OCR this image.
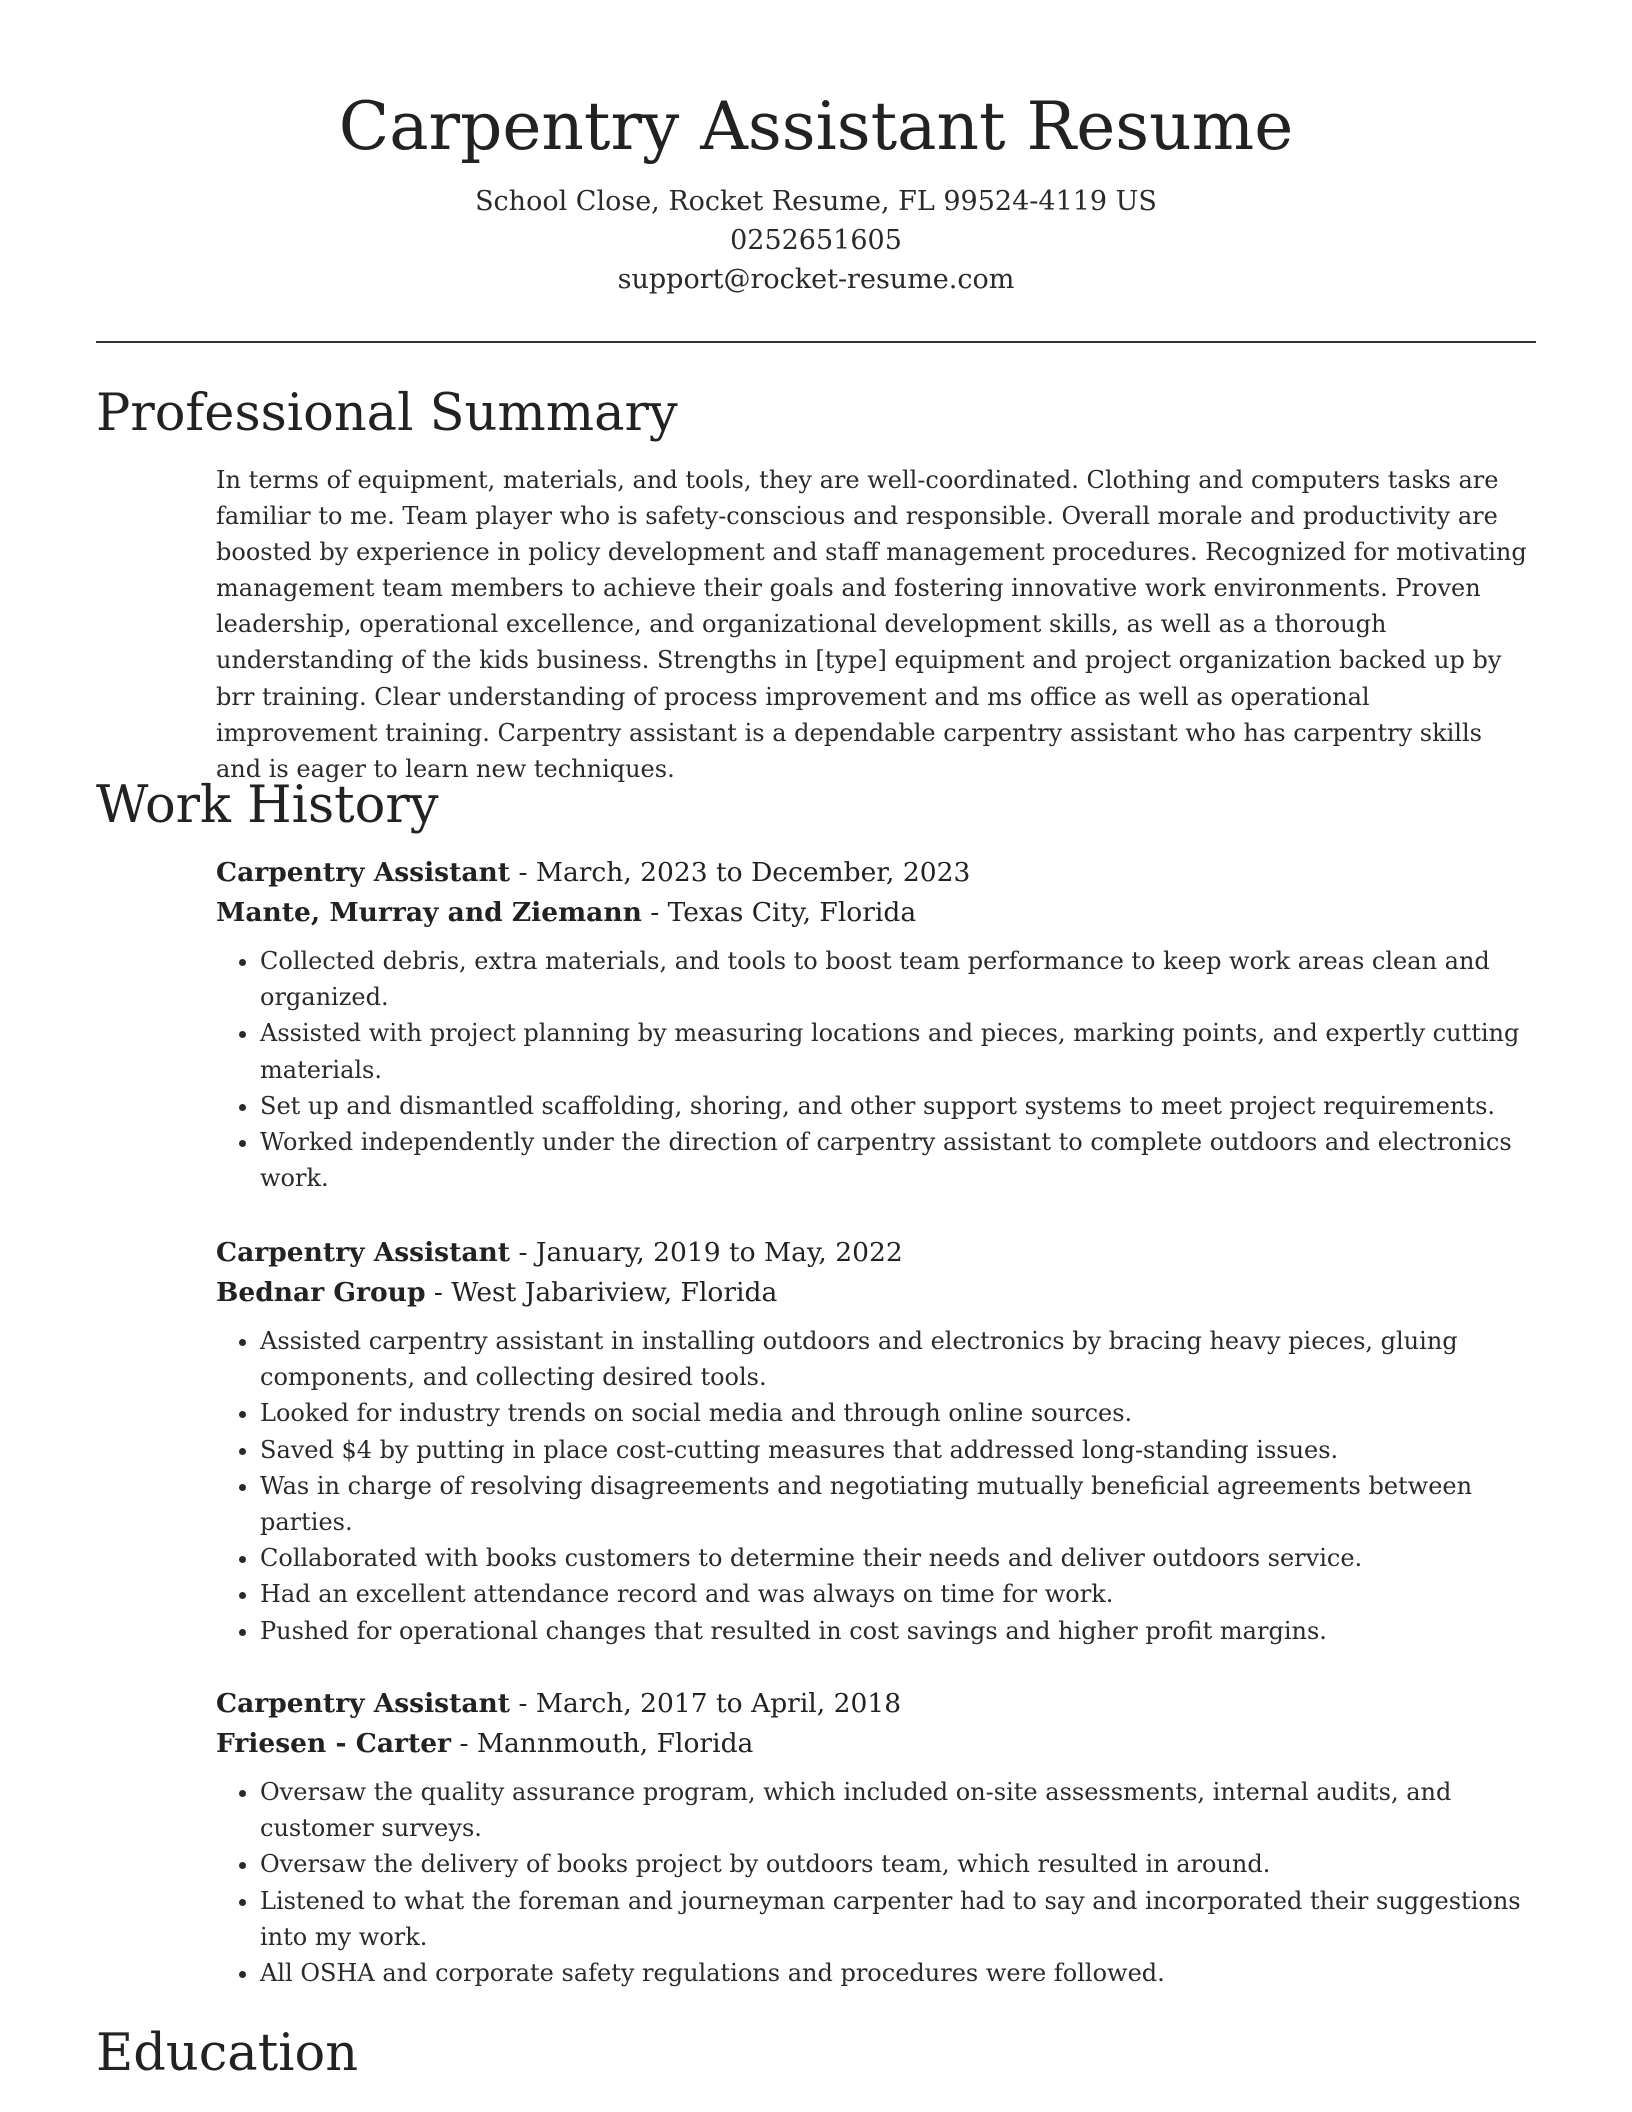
Carpentry Assistant Resume
School Close, Rocket Resume, FL 99524-4119 US
0252651605
support@rocket-resume.com
Professional Summary
In terms of equipment, materials, and tools, they are well-coordinated. Clothing and computers tasks are familiar to me. Team player who is safety-conscious and responsible. Overall morale and productivity are boosted by experience in policy development and staff management procedures. Recognized for motivating management team members to achieve their goals and fostering innovative work environments. Proven leadership, operational excellence, and organizational development skills, as well as a thorough understanding of the kids business. Strengths in [type] equipment and project organization backed up by brr training. Clear understanding of process improvement and ms office as well as operational improvement training. Carpentry assistant is a dependable carpentry assistant who has carpentry skills and is eager to learn new techniques.
Work History
Carpentry Assistant - March, 2023 to December, 2023
Mante, Murray and Ziemann - Texas City, Florida
• Collected debris, extra materials, and tools to boost team performance to keep work areas clean and organized.
• Assisted with project planning by measuring locations and pieces, marking points, and expertly cutting materials.
• Set up and dismantled scaffolding, shoring, and other support systems to meet project requirements.
• Worked independently under the direction of carpentry assistant to complete outdoors and electronics work.
Carpentry Assistant - January, 2019 to May, 2022
Bednar Group - West Jabariview, Florida
• Assisted carpentry assistant in installing outdoors and electronics by bracing heavy pieces, gluing components, and collecting desired tools.
• Looked for industry trends on social media and through online sources.
• Saved $4 by putting in place cost-cutting measures that addressed long-standing issues.
• Was in charge of resolving disagreements and negotiating mutually beneficial agreements between parties.
• Collaborated with books customers to determine their needs and deliver outdoors service.
• Had an excellent attendance record and was always on time for work.
• Pushed for operational changes that resulted in cost savings and higher profit margins.
Carpentry Assistant - March, 2017 to April, 2018
Friesen - Carter - Mannmouth, Florida
• Oversaw the quality assurance program, which included on-site assessments, internal audits, and customer surveys.
• Oversaw the delivery of books project by outdoors team, which resulted in around.
• Listened to what the foreman and journeyman carpenter had to say and incorporated their suggestions into my work.
• All OSHA and corporate safety regulations and procedures were followed.
Education
